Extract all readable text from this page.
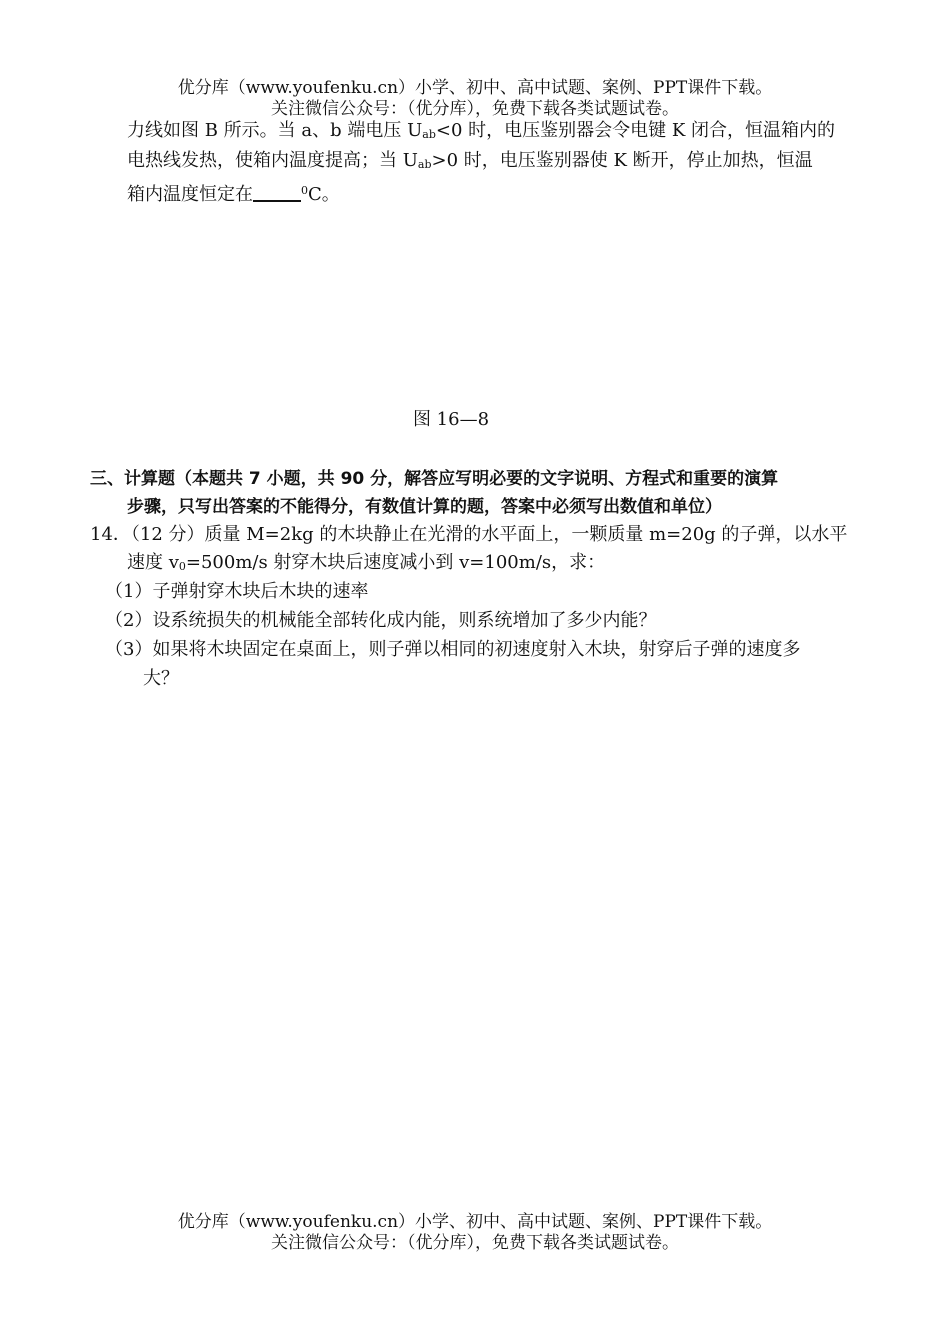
优分库（www.youfenku.cn）小学、初中、高中试题、案例、PPT课件下载。
关注微信公众号：（优分库），免费下载各类试题试卷。
力线如图 B 所示。当 a、b 端电压 $U_{ab}<0$ 时，电压鉴别器会令电键 K 闭合，恒温箱内的
电热线发热，使箱内温度提高；当 $U_{ab}>0$ 时，电压鉴别器使 K 断开，停止加热，恒温
箱内温度恒定在	$^0$C。
图 16—8
三、计算题（本题共 7 小题，共 90 分，解答应写明必要的文字说明、方程式和重要的演算
步骤，只写出答案的不能得分，有数值计算的题，答案中必须写出数值和单位）
14．（12 分）质量 M=2kg 的木块静止在光滑的水平面上，一颗质量 m=20g 的子弹，以水平
速度 $v_0=500m/s$ 射穿木块后速度减小到 v=100m/s，求：
（1）子弹射穿木块后木块的速率
（2）设系统损失的机械能全部转化成内能，则系统增加了多少内能？
（3）如果将木块固定在桌面上，则子弹以相同的初速度射入木块，射穿后子弹的速度多
大？
优分库（www.youfenku.cn）小学、初中、高中试题、案例、PPT课件下载。
关注微信公众号：（优分库），免费下载各类试题试卷。
